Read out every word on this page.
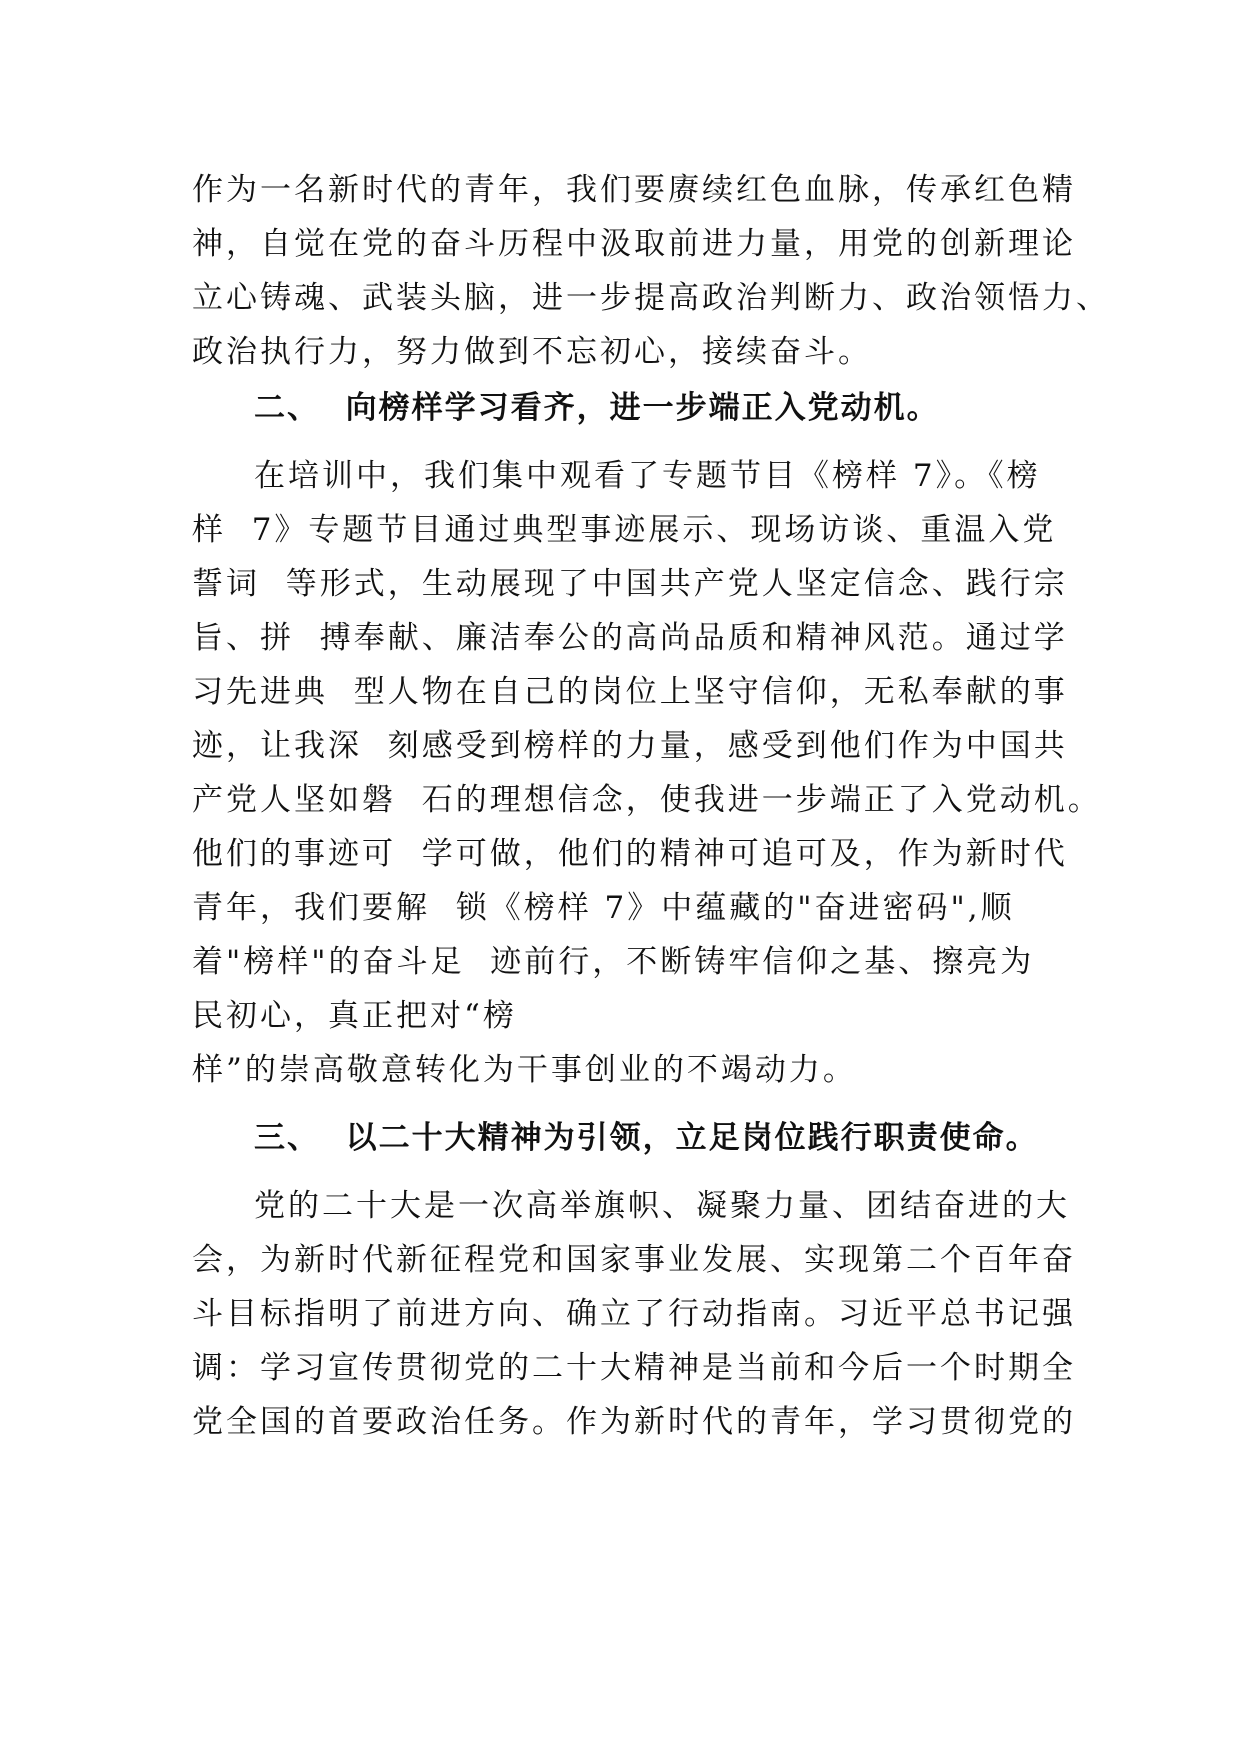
作为一名新时代的青年，我们要赓续红色血脉，传承红色精
神，自觉在党的奋斗历程中汲取前进力量，用党的创新理论
立心铸魂、武装头脑，进一步提高政治判断力、政治领悟力、
政治执行力，努力做到不忘初心，接续奋斗。
二、  向榜样学习看齐，进一步端正入党动机。
在培训中，我们集中观看了专题节目《榜样 7》。《榜
样  7》专题节目通过典型事迹展示、现场访谈、重温入党
誓词  等形式，生动展现了中国共产党人坚定信念、践行宗
旨、拼  搏奉献、廉洁奉公的高尚品质和精神风范。通过学
习先进典  型人物在自己的岗位上坚守信仰，无私奉献的事
迹，让我深  刻感受到榜样的力量，感受到他们作为中国共
产党人坚如磐  石的理想信念，使我进一步端正了入党动机。
他们的事迹可  学可做，他们的精神可追可及，作为新时代
青年，我们要解  锁《榜样 7》中蕴藏的"奋进密码",顺
着"榜样"的奋斗足  迹前行，不断铸牢信仰之基、擦亮为
民初心，真正把对“榜
样”的崇高敬意转化为干事创业的不竭动力。
三、  以二十大精神为引领，立足岗位践行职责使命。
党的二十大是一次高举旗帜、凝聚力量、团结奋进的大
会，为新时代新征程党和国家事业发展、实现第二个百年奋
斗目标指明了前进方向、确立了行动指南。习近平总书记强
调：学习宣传贯彻党的二十大精神是当前和今后一个时期全
党全国的首要政治任务。作为新时代的青年，学习贯彻党的
